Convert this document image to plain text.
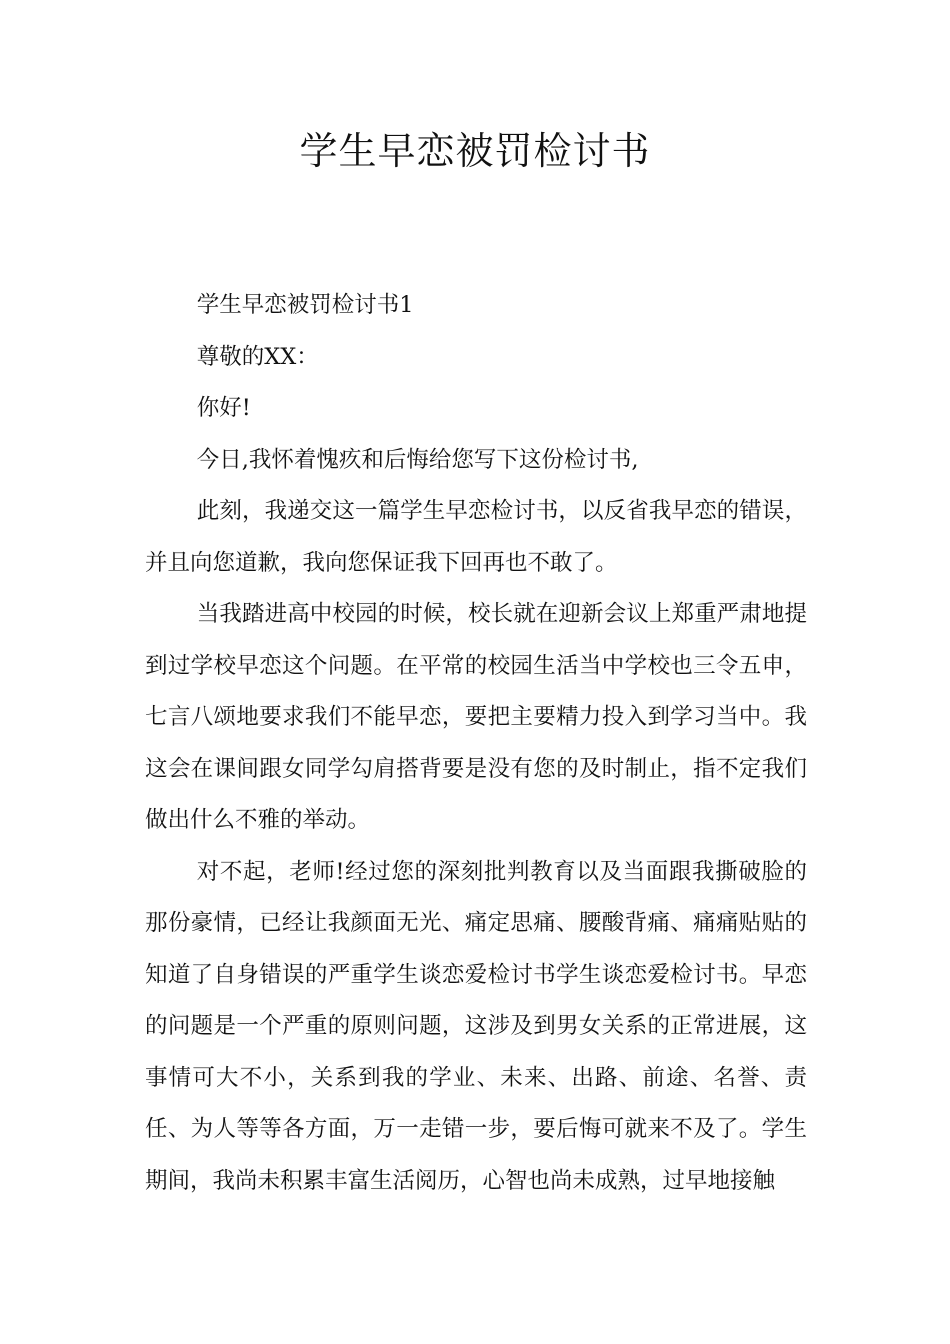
学生早恋被罚检讨书

学生早恋被罚检讨书1

尊敬的XX：

你好!

今日,我怀着愧疚和后悔给您写下这份检讨书,

此刻，我递交这一篇学生早恋检讨书，以反省我早恋的错误，并且向您道歉，我向您保证我下回再也不敢了。

当我踏进高中校园的时候，校长就在迎新会议上郑重严肃地提到过学校早恋这个问题。在平常的校园生活当中学校也三令五申，七言八颂地要求我们不能早恋，要把主要精力投入到学习当中。我这会在课间跟女同学勾肩搭背要是没有您的及时制止，指不定我们做出什么不雅的举动。

对不起，老师!经过您的深刻批判教育以及当面跟我撕破脸的那份豪情，已经让我颜面无光、痛定思痛、腰酸背痛、痛痛贴贴的知道了自身错误的严重学生谈恋爱检讨书学生谈恋爱检讨书。早恋的问题是一个严重的原则问题，这涉及到男女关系的正常进展，这事情可大不小，关系到我的学业、未来、出路、前途、名誉、责任、为人等等各方面，万一走错一步，要后悔可就来不及了。学生期间，我尚未积累丰富生活阅历，心智也尚未成熟，过早地接触
